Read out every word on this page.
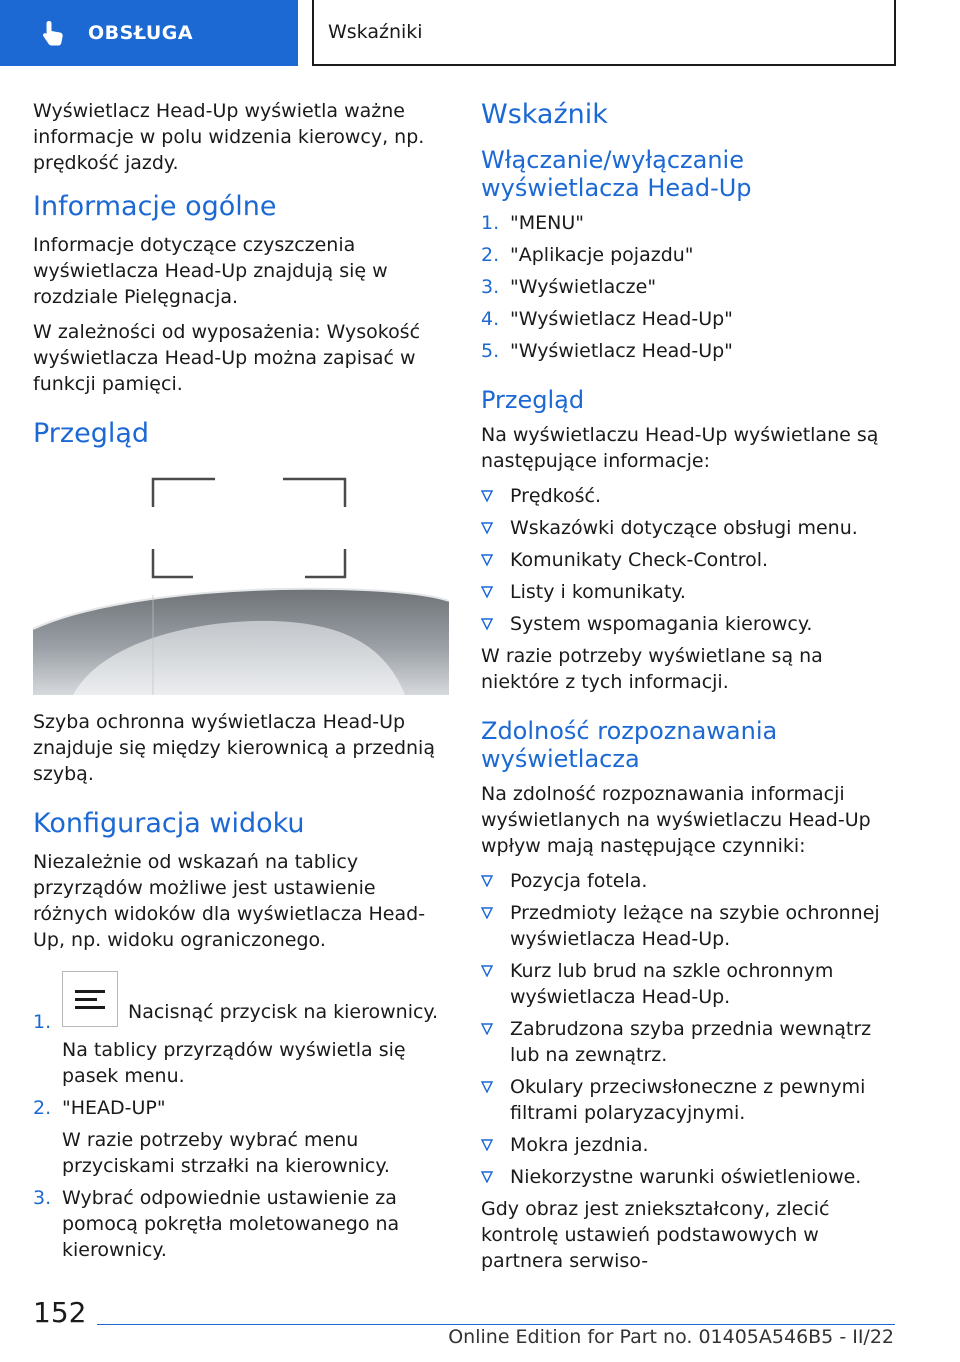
OBSŁUGA	Wskaźniki

Wyświetlacz Head-Up wyświetla ważne informacje w polu widzenia kierowcy, np. prędkość jazdy.

Informacje ogólne

Informacje dotyczące czyszczenia wyświetlacza Head-Up znajdują się w rozdziale Pielęgnacja.

W zależności od wyposażenia: Wysokość wyświetlacza Head-Up można zapisać w funkcji pamięci.

Przegląd

Szyba ochronna wyświetlacza Head-Up znajduje się między kierownicą a przednią szybą.

Konfiguracja widoku

Niezależnie od wskazań na tablicy przyrządów możliwe jest ustawienie różnych widoków dla wyświetlacza Head-Up, np. widoku ograniczonego.

1.	Nacisnąć przycisk na kierownicy.
Na tablicy przyrządów wyświetla się pasek menu.
2. "HEAD-UP"
W razie potrzeby wybrać menu przyciskami strzałki na kierownicy.
3. Wybrać odpowiednie ustawienie za pomocą pokrętła moletowanego na kierownicy.
Wskaźnik
Włączanie/wyłączanie wyświetlacza Head-Up
1. "MENU"
2. "Aplikacje pojazdu"
3. "Wyświetlacze"
4. "Wyświetlacz Head-Up"
5. "Wyświetlacz Head-Up"
Przegląd

Na wyświetlaczu Head-Up wyświetlane są następujące informacje:

Prędkość.
Wskazówki dotyczące obsługi menu.
Komunikaty Check-Control.
Listy i komunikaty.
System wspomagania kierowcy.

W razie potrzeby wyświetlane są na niektóre z tych informacji.

Zdolność rozpoznawania wyświetlacza

Na zdolność rozpoznawania informacji wyświetlanych na wyświetlaczu Head-Up wpływ mają następujące czynniki:

Pozycja fotela.
Przedmioty leżące na szybie ochronnej wyświetlacza Head-Up.
Kurz lub brud na szkle ochronnym wyświetlacza Head-Up.
Zabrudzona szyba przednia wewnątrz lub na zewnątrz.
Okulary przeciwsłoneczne z pewnymi filtrami polaryzacyjnymi.
Mokra jezdnia.
Niekorzystne warunki oświetleniowe.

Gdy obraz jest zniekształcony, zlecić kontrolę ustawień podstawowych w partnera serwiso-

152
Online Edition for Part no. 01405A546B5 - II/22
